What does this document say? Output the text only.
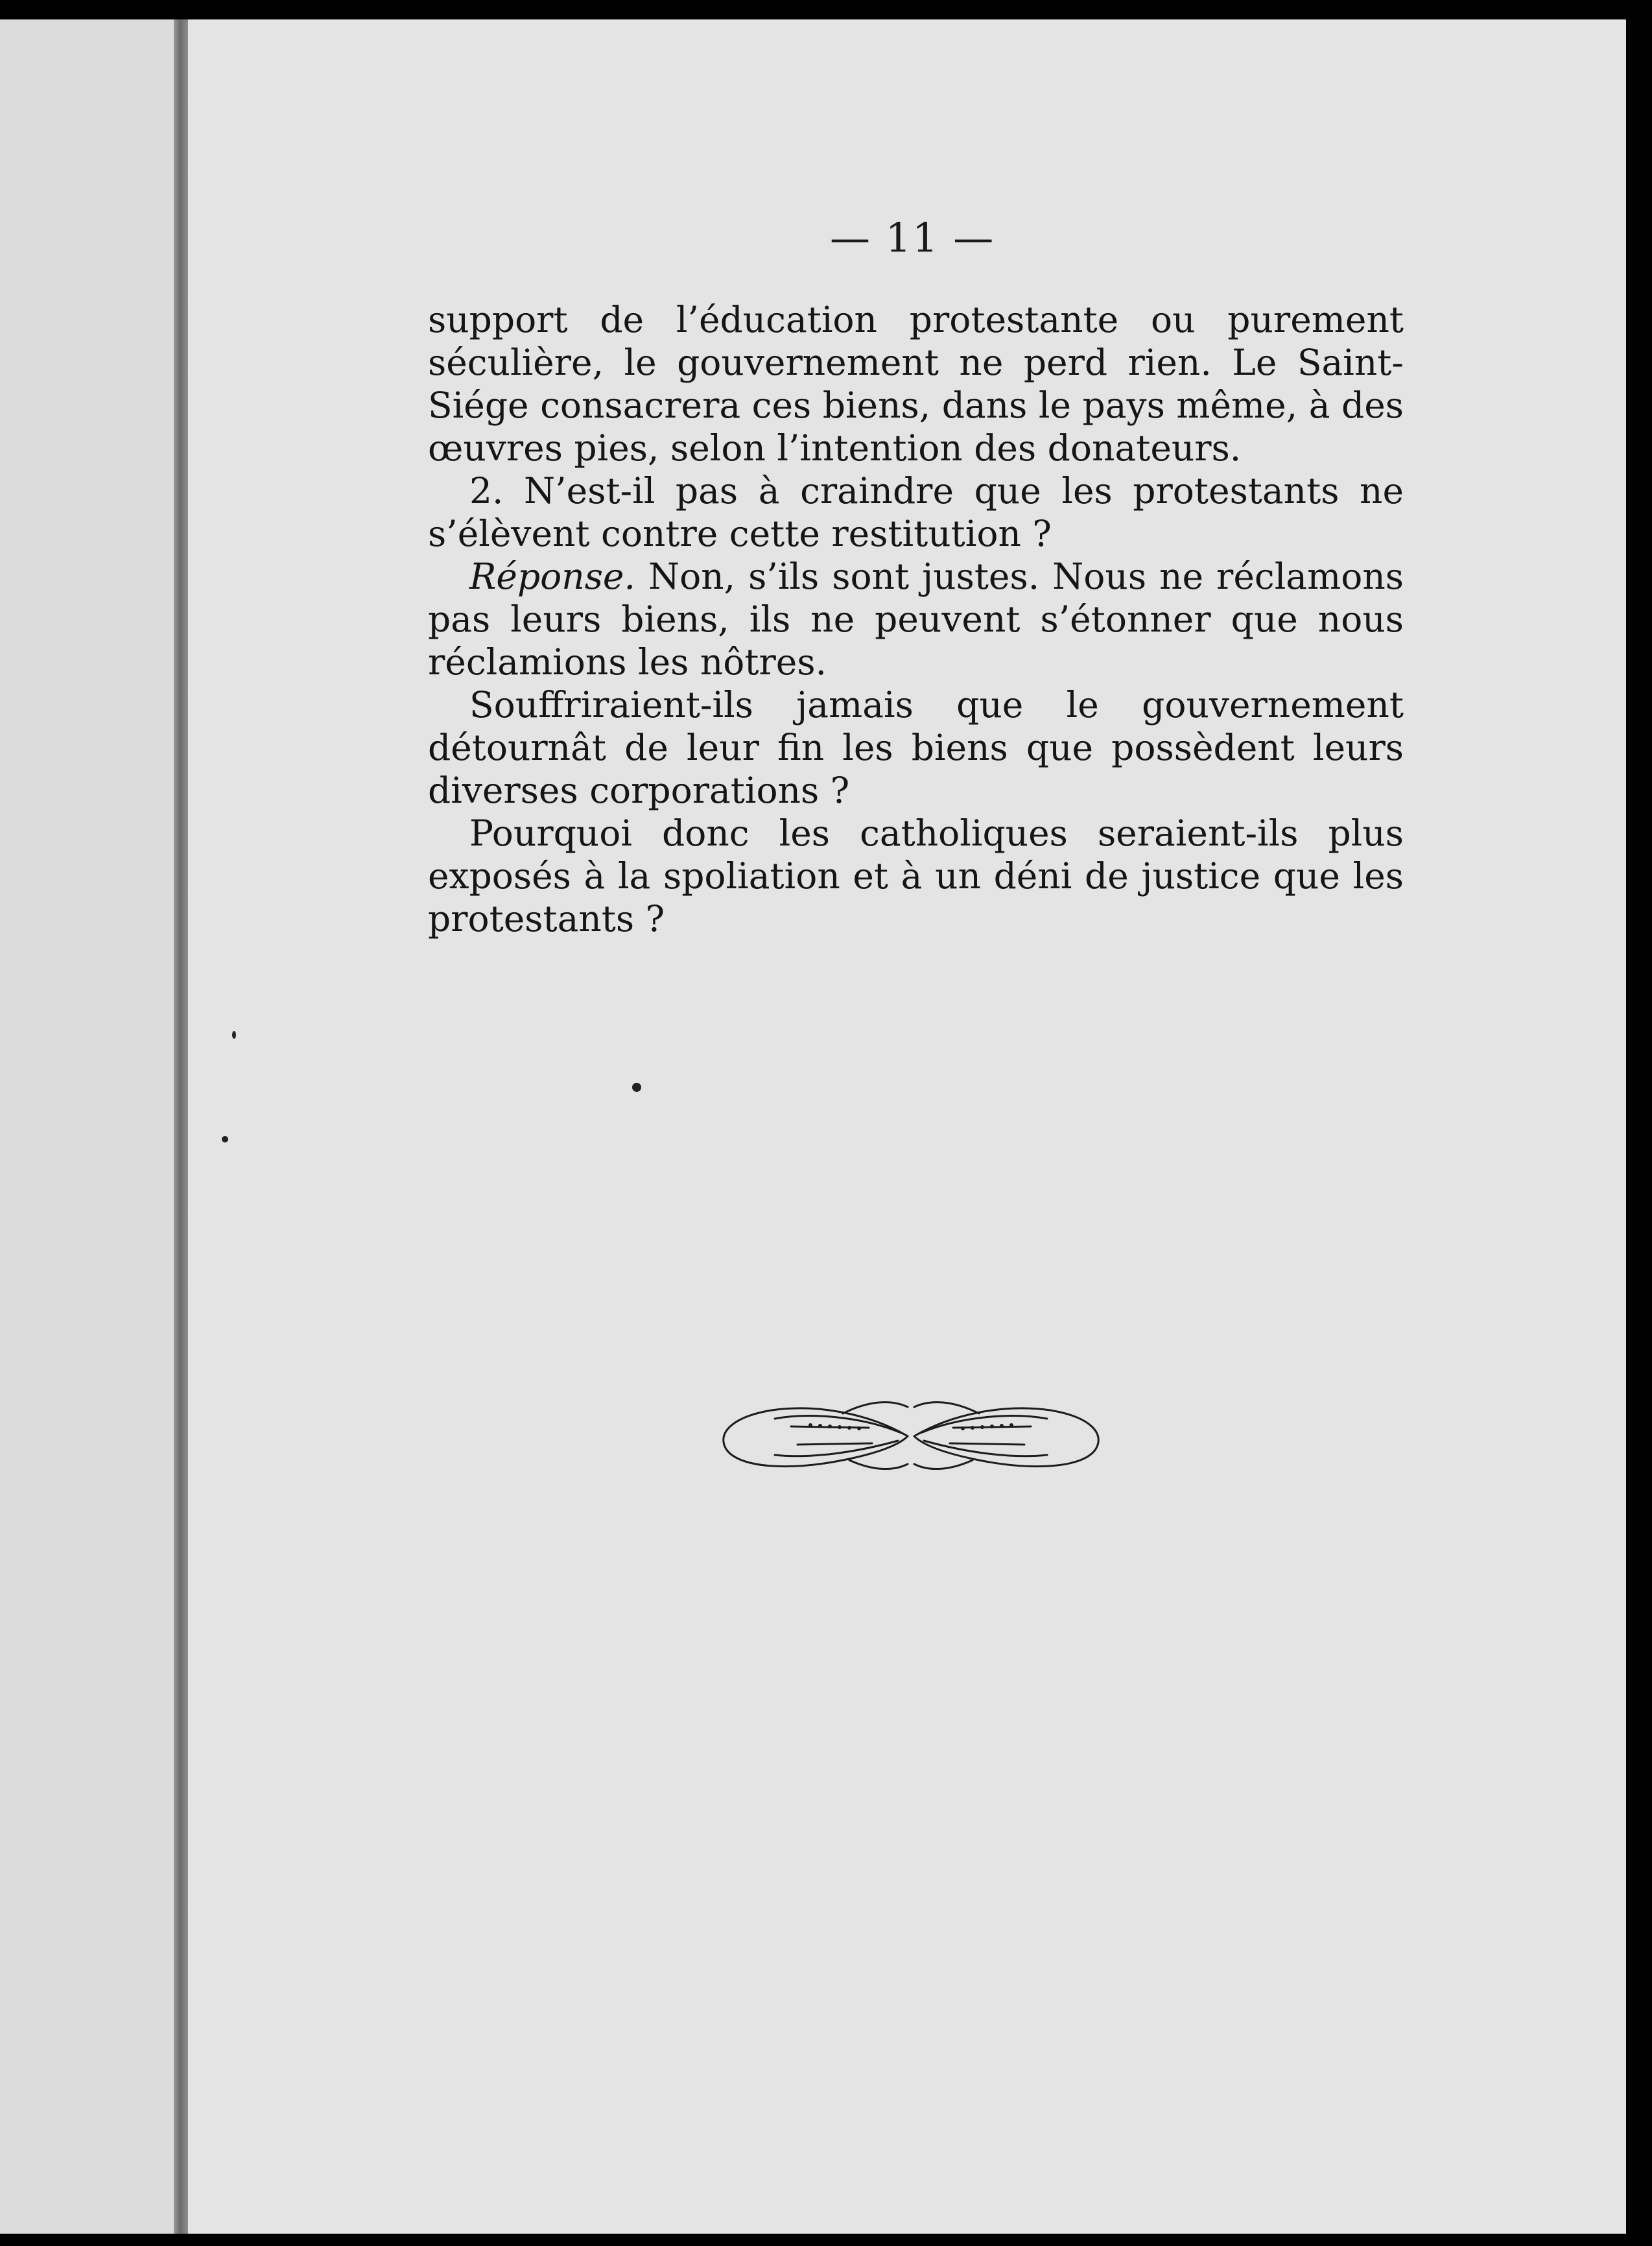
— 11 —

support de l’éducation protestante ou purement séculière, le gouvernement ne perd rien. Le Saint-Siége consacrera ces biens, dans le pays même, à des œuvres pies, selon l’intention des donateurs.

2. N’est-il pas à craindre que les protestants ne s’élèvent contre cette restitution ?

Réponse. Non, s’ils sont justes. Nous ne réclamons pas leurs biens, ils ne peuvent s’étonner que nous réclamions les nôtres.

Souffriraient-ils jamais que le gouvernement détournât de leur fin les biens que possèdent leurs diverses corporations ?

Pourquoi donc les catholiques seraient-ils plus exposés à la spoliation et à un déni de justice que les protestants ?
